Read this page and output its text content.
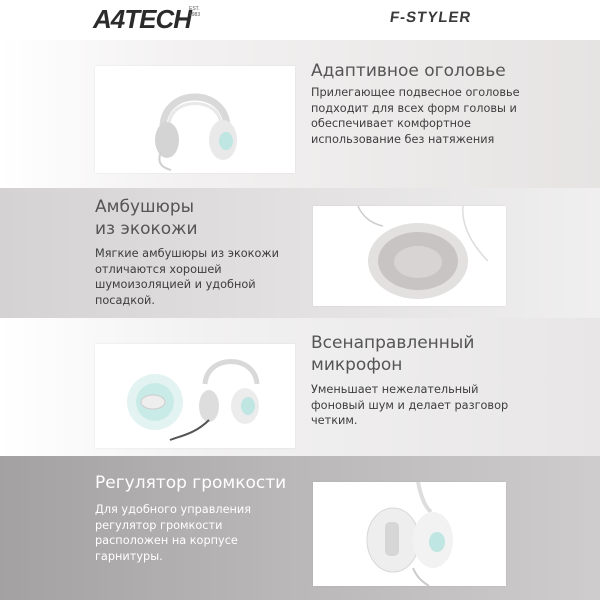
A4TECH
EST. 1983	F-STYLER
Адаптивное оголовье
Прилегающее подвесное оголовье подходит для всех форм головы и обеспечивает комфортное использование без натяжения
Амбушюры
из экокожи
Мягкие амбушюры из экокожи отличаются хорошей шумоизоляцией и удобной посадкой.
Всенаправленный
микрофон
Уменьшает нежелательный фоновый шум и делает разговор четким.
Регулятор громкости
Для удобного управления регулятор громкости расположен на корпусе гарнитуры.
